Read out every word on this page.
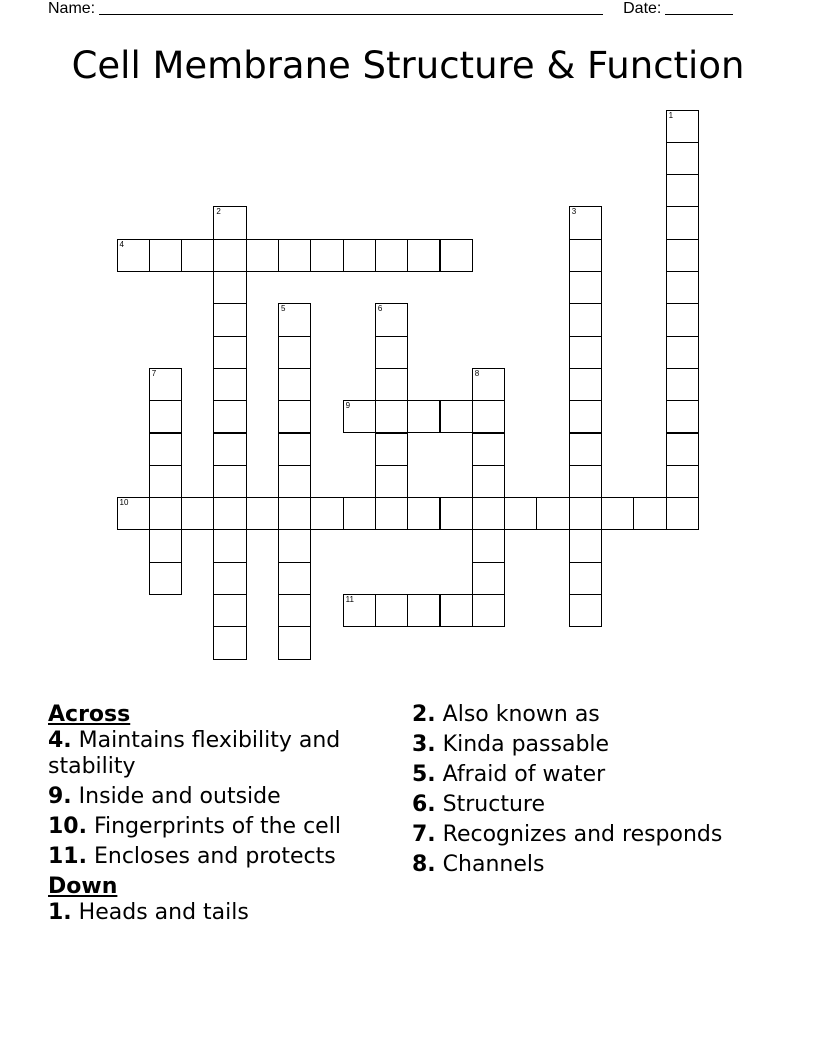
Name:	Date:
Cell Membrane Structure & Function
1
2	3
4
5	6
7	8
9
10
11
Across
4. Maintains flexibility and stability
9. Inside and outside
10. Fingerprints of the cell
11. Encloses and protects
Down
1. Heads and tails
2. Also known as
3. Kinda passable
5. Afraid of water
6. Structure
7. Recognizes and responds
8. Channels
